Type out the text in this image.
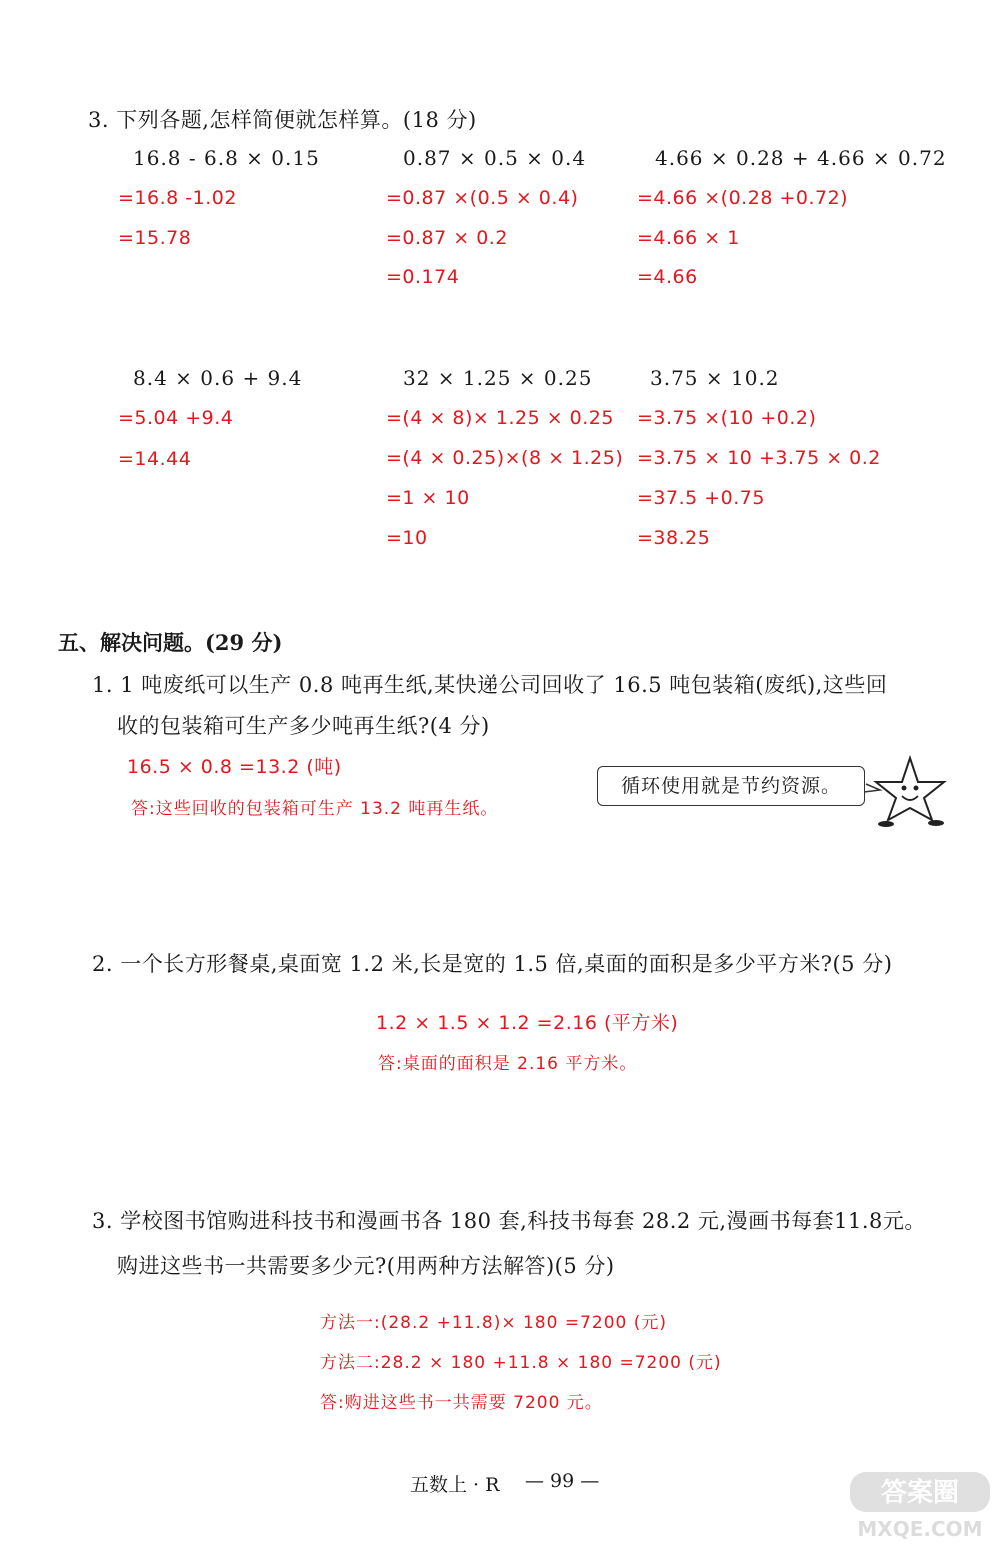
3. 下列各题,怎样简便就怎样算。(18 分)
16.8 - 6.8 × 0.15
=16.8 -1.02
=15.78
0.87 × 0.5 × 0.4
=0.87 ×(0.5 × 0.4)
=0.87 × 0.2
=0.174
4.66 × 0.28 + 4.66 × 0.72
=4.66 ×(0.28 +0.72)
=4.66 × 1
=4.66
8.4 × 0.6 + 9.4
=5.04 +9.4
=14.44
32 × 1.25 × 0.25
=(4 × 8)× 1.25 × 0.25
=(4 × 0.25)×(8 × 1.25)
=1 × 10
=10
3.75 × 10.2
=3.75 ×(10 +0.2)
=3.75 × 10 +3.75 × 0.2
=37.5 +0.75
=38.25
五、解决问题。(29 分)
1. 1 吨废纸可以生产 0.8 吨再生纸,某快递公司回收了 16.5 吨包装箱(废纸),这些回
收的包装箱可生产多少吨再生纸?(4 分)
16.5 × 0.8 =13.2 (吨)
答:这些回收的包装箱可生产 13.2 吨再生纸。
循环使用就是节约资源。
2. 一个长方形餐桌,桌面宽 1.2 米,长是宽的 1.5 倍,桌面的面积是多少平方米?(5 分)
1.2 × 1.5 × 1.2 =2.16 (平方米)
答:桌面的面积是 2.16 平方米。
3. 学校图书馆购进科技书和漫画书各 180 套,科技书每套 28.2 元,漫画书每套11.8元。
购进这些书一共需要多少元?(用两种方法解答)(5 分)
方法一:(28.2 +11.8)× 180 =7200 (元)
方法二:28.2 × 180 +11.8 × 180 =7200 (元)
答:购进这些书一共需要 7200 元。
五数上 · R — 99 —	答案圈
MXQE.COM
